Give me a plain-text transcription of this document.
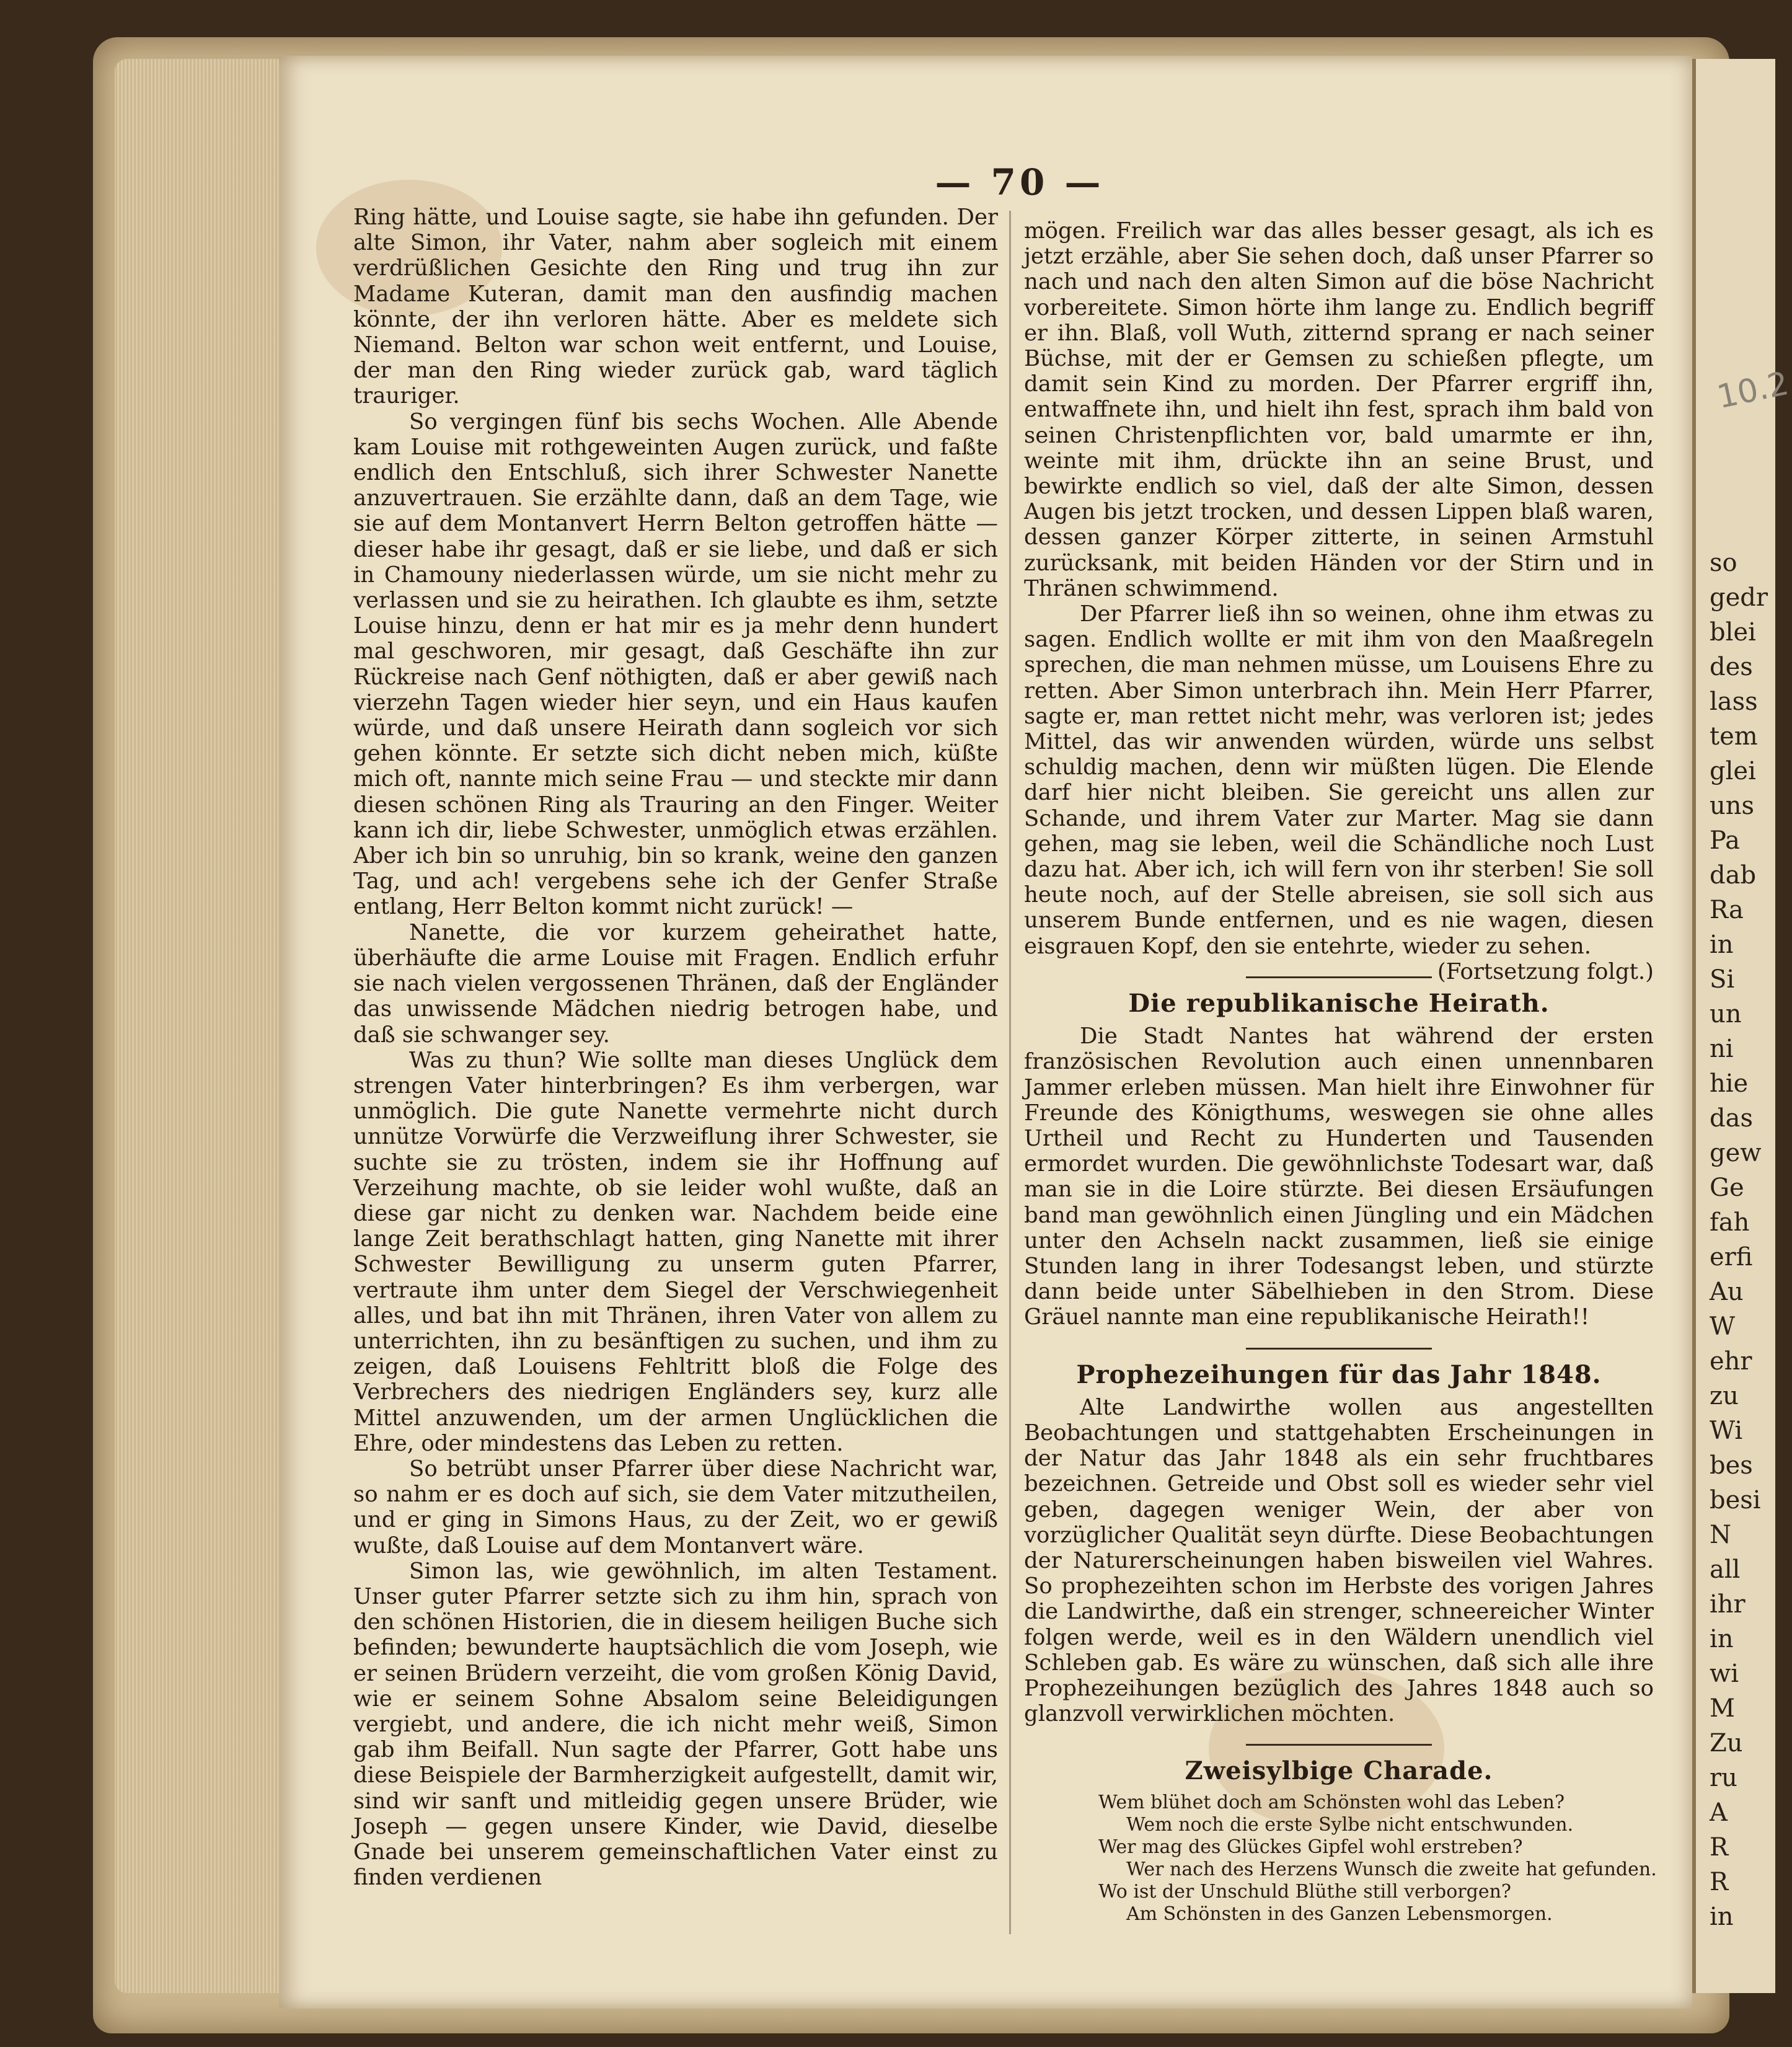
so
gedr
blei
des
lass
tem
glei
uns
Pa
dab
Ra
in
Si
un
ni
hie
das
gew
Ge
fah
erfi
Au
W
ehr
zu
Wi
bes
besi
N
all
ihr
in
wi
M
Zu
ru
A
R
R
in
10.2
— 70 —

Ring hätte, und Louise sagte, sie habe ihn gefunden. Der alte Simon, ihr Vater, nahm aber sogleich mit einem verdrüßlichen Gesichte den Ring und trug ihn zur Madame Kuteran, damit man den ausfindig machen könnte, der ihn verloren hätte. Aber es meldete sich Niemand. Belton war schon weit entfernt, und Louise, der man den Ring wieder zurück gab, ward täglich trauriger.

So vergingen fünf bis sechs Wochen. Alle Abende kam Louise mit rothgeweinten Augen zurück, und faßte endlich den Entschluß, sich ihrer Schwester Nanette anzuvertrauen. Sie erzählte dann, daß an dem Tage, wie sie auf dem Montanvert Herrn Belton getroffen hätte — dieser habe ihr gesagt, daß er sie liebe, und daß er sich in Chamouny niederlassen würde, um sie nicht mehr zu verlassen und sie zu heirathen. Ich glaubte es ihm, setzte Louise hinzu, denn er hat mir es ja mehr denn hundert mal geschworen, mir gesagt, daß Geschäfte ihn zur Rückreise nach Genf nöthigten, daß er aber gewiß nach vierzehn Tagen wieder hier seyn, und ein Haus kaufen würde, und daß unsere Heirath dann sogleich vor sich gehen könnte. Er setzte sich dicht neben mich, küßte mich oft, nannte mich seine Frau — und steckte mir dann diesen schönen Ring als Trauring an den Finger. Weiter kann ich dir, liebe Schwester, unmöglich etwas erzählen. Aber ich bin so unruhig, bin so krank, weine den ganzen Tag, und ach! vergebens sehe ich der Genfer Straße entlang, Herr Belton kommt nicht zurück! —

Nanette, die vor kurzem geheirathet hatte, überhäufte die arme Louise mit Fragen. Endlich erfuhr sie nach vielen vergossenen Thränen, daß der Engländer das unwissende Mädchen niedrig betrogen habe, und daß sie schwanger sey.

Was zu thun? Wie sollte man dieses Unglück dem strengen Vater hinterbringen? Es ihm verbergen, war unmöglich. Die gute Nanette vermehrte nicht durch unnütze Vorwürfe die Verzweiflung ihrer Schwester, sie suchte sie zu trösten, indem sie ihr Hoffnung auf Verzeihung machte, ob sie leider wohl wußte, daß an diese gar nicht zu denken war. Nachdem beide eine lange Zeit berathschlagt hatten, ging Nanette mit ihrer Schwester Bewilligung zu unserm guten Pfarrer, vertraute ihm unter dem Siegel der Verschwiegenheit alles, und bat ihn mit Thränen, ihren Vater von allem zu unterrichten, ihn zu besänftigen zu suchen, und ihm zu zeigen, daß Louisens Fehltritt bloß die Folge des Verbrechers des niedrigen Engländers sey, kurz alle Mittel anzuwenden, um der armen Unglücklichen die Ehre, oder mindestens das Leben zu retten.

So betrübt unser Pfarrer über diese Nachricht war, so nahm er es doch auf sich, sie dem Vater mitzutheilen, und er ging in Simons Haus, zu der Zeit, wo er gewiß wußte, daß Louise auf dem Montanvert wäre.

Simon las, wie gewöhnlich, im alten Testament. Unser guter Pfarrer setzte sich zu ihm hin, sprach von den schönen Historien, die in diesem heiligen Buche sich befinden; bewunderte hauptsächlich die vom Joseph, wie er seinen Brüdern verzeiht, die vom großen König David, wie er seinem Sohne Absalom seine Beleidigungen vergiebt, und andere, die ich nicht mehr weiß, Simon gab ihm Beifall. Nun sagte der Pfarrer, Gott habe uns diese Beispiele der Barmherzigkeit aufgestellt, damit wir, sind wir sanft und mitleidig gegen unsere Brüder, wie Joseph — gegen unsere Kinder, wie David, dieselbe Gnade bei unserem gemeinschaftlichen Vater einst zu finden verdienen

mögen. Freilich war das alles besser gesagt, als ich es jetzt erzähle, aber Sie sehen doch, daß unser Pfarrer so nach und nach den alten Simon auf die böse Nachricht vorbereitete. Simon hörte ihm lange zu. Endlich begriff er ihn. Blaß, voll Wuth, zitternd sprang er nach seiner Büchse, mit der er Gemsen zu schießen pflegte, um damit sein Kind zu morden. Der Pfarrer ergriff ihn, entwaffnete ihn, und hielt ihn fest, sprach ihm bald von seinen Christenpflichten vor, bald umarmte er ihn, weinte mit ihm, drückte ihn an seine Brust, und bewirkte endlich so viel, daß der alte Simon, dessen Augen bis jetzt trocken, und dessen Lippen blaß waren, dessen ganzer Körper zitterte, in seinen Armstuhl zurücksank, mit beiden Händen vor der Stirn und in Thränen schwimmend.

Der Pfarrer ließ ihn so weinen, ohne ihm etwas zu sagen. Endlich wollte er mit ihm von den Maaßregeln sprechen, die man nehmen müsse, um Louisens Ehre zu retten. Aber Simon unterbrach ihn. Mein Herr Pfarrer, sagte er, man rettet nicht mehr, was verloren ist; jedes Mittel, das wir anwenden würden, würde uns selbst schuldig machen, denn wir müßten lügen. Die Elende darf hier nicht bleiben. Sie gereicht uns allen zur Schande, und ihrem Vater zur Marter. Mag sie dann gehen, mag sie leben, weil die Schändliche noch Lust dazu hat. Aber ich, ich will fern von ihr sterben! Sie soll heute noch, auf der Stelle abreisen, sie soll sich aus unserem Bunde entfernen, und es nie wagen, diesen eisgrauen Kopf, den sie entehrte, wieder zu sehen.
(Fortsetzung folgt.)

Die republikanische Heirath.

Die Stadt Nantes hat während der ersten französischen Revolution auch einen unnennbaren Jammer erleben müssen. Man hielt ihre Einwohner für Freunde des Königthums, weswegen sie ohne alles Urtheil und Recht zu Hunderten und Tausenden ermordet wurden. Die gewöhnlichste Todesart war, daß man sie in die Loire stürzte. Bei diesen Ersäufungen band man gewöhnlich einen Jüngling und ein Mädchen unter den Achseln nackt zusammen, ließ sie einige Stunden lang in ihrer Todesangst leben, und stürzte dann beide unter Säbelhieben in den Strom. Diese Gräuel nannte man eine republikanische Heirath!!

Prophezeihungen für das Jahr 1848.

Alte Landwirthe wollen aus angestellten Beobachtungen und stattgehabten Erscheinungen in der Natur das Jahr 1848 als ein sehr fruchtbares bezeichnen. Getreide und Obst soll es wieder sehr viel geben, dagegen weniger Wein, der aber von vorzüglicher Qualität seyn dürfte. Diese Beobachtungen der Naturerscheinungen haben bisweilen viel Wahres. So prophezeihten schon im Herbste des vorigen Jahres die Landwirthe, daß ein strenger, schneereicher Winter folgen werde, weil es in den Wäldern unendlich viel Schleben gab. Es wäre zu wünschen, daß sich alle ihre Prophezeihungen bezüglich des Jahres 1848 auch so glanzvoll verwirklichen möchten.

Zweisylbige Charade.
Wem blühet doch am Schönsten wohl das Leben?
Wem noch die erste Sylbe nicht entschwunden.
Wer mag des Glückes Gipfel wohl erstreben?
Wer nach des Herzens Wunsch die zweite hat gefunden.
Wo ist der Unschuld Blüthe still verborgen?
Am Schönsten in des Ganzen Lebensmorgen.
